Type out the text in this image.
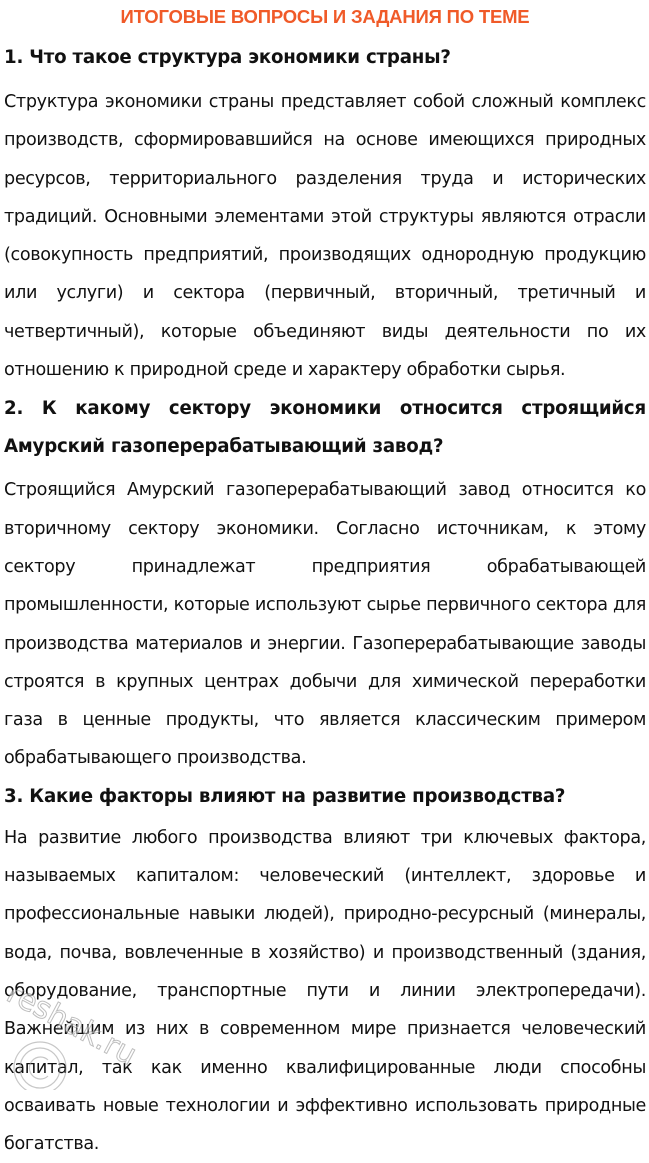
ИТОГОВЫЕ ВОПРОСЫ И ЗАДАНИЯ ПО ТЕМЕ

1. Что такое структура экономики страны?

Структура экономики страны представляет собой сложный комплекс производств, сформировавшийся на основе имеющихся природных ресурсов, территориального разделения труда и исторических традиций. Основными элементами этой структуры являются отрасли (совокупность предприятий, производящих однородную продукцию или услуги) и сектора (первичный, вторичный, третичный и четвертичный), которые объединяют виды деятельности по их отношению к природной среде и характеру обработки сырья.

2. К какому сектору экономики относится строящийся Амурский газоперерабатывающий завод?

Строящийся Амурский газоперерабатывающий завод относится ко вторичному сектору экономики. Согласно источникам, к этому сектору принадлежат предприятия обрабатывающей промышленности, которые используют сырье первичного сектора для производства материалов и энергии. Газоперерабатывающие заводы строятся в крупных центрах добычи для химической переработки газа в ценные продукты, что является классическим примером обрабатывающего производства.

3. Какие факторы влияют на развитие производства?

На развитие любого производства влияют три ключевых фактора, называемых капиталом: человеческий (интеллект, здоровье и профессиональные навыки людей), природно-ресурсный (минералы, вода, почва, вовлеченные в хозяйство) и производственный (здания, оборудование, транспортные пути и линии электропередачи). Важнейшим из них в современном мире признается человеческий капитал, так как именно квалифицированные люди способны осваивать новые технологии и эффективно использовать природные богатства.

reshak.ru
